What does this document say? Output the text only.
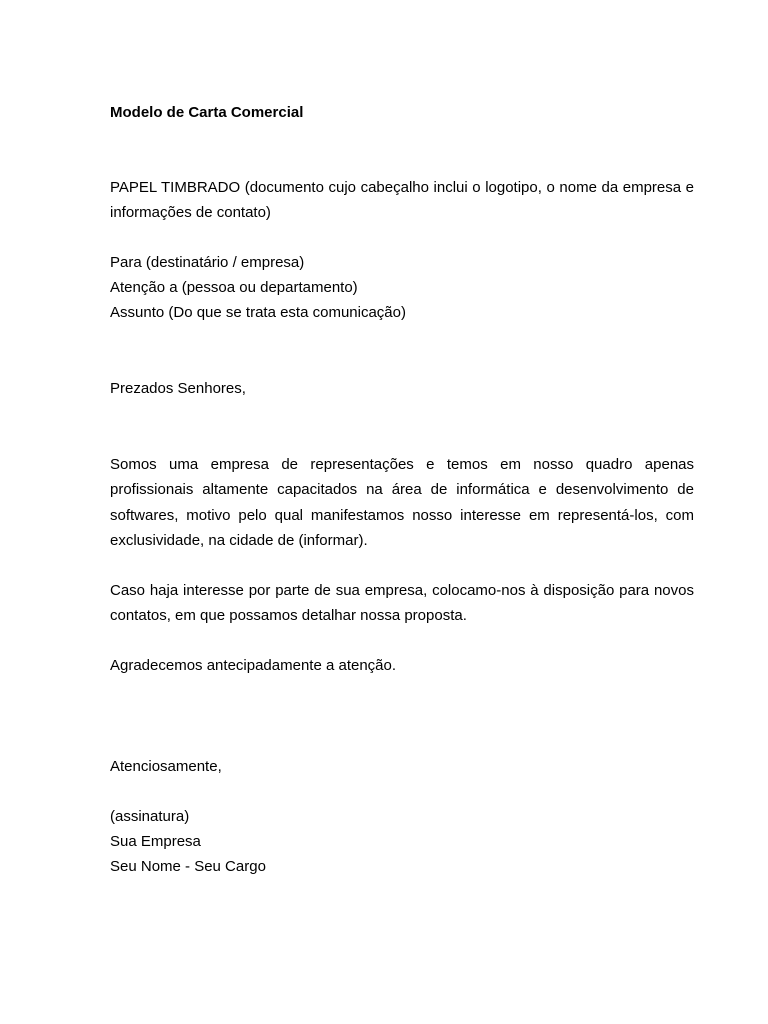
Modelo de Carta Comercial
PAPEL TIMBRADO (documento cujo cabeçalho inclui o logotipo, o nome da empresa e informações de contato)
Para (destinatário / empresa)
Atenção a (pessoa ou departamento)
Assunto (Do que se trata esta comunicação)
Prezados Senhores,
Somos uma empresa de representações e temos em nosso quadro apenas profissionais altamente capacitados na área de informática e desenvolvimento de softwares, motivo pelo qual manifestamos nosso interesse em representá-los, com exclusividade, na cidade de (informar).
Caso haja interesse por parte de sua empresa, colocamo-nos à disposição para novos contatos, em que possamos detalhar nossa proposta.
Agradecemos antecipadamente a atenção.
Atenciosamente,
(assinatura)
Sua Empresa
Seu Nome - Seu Cargo
